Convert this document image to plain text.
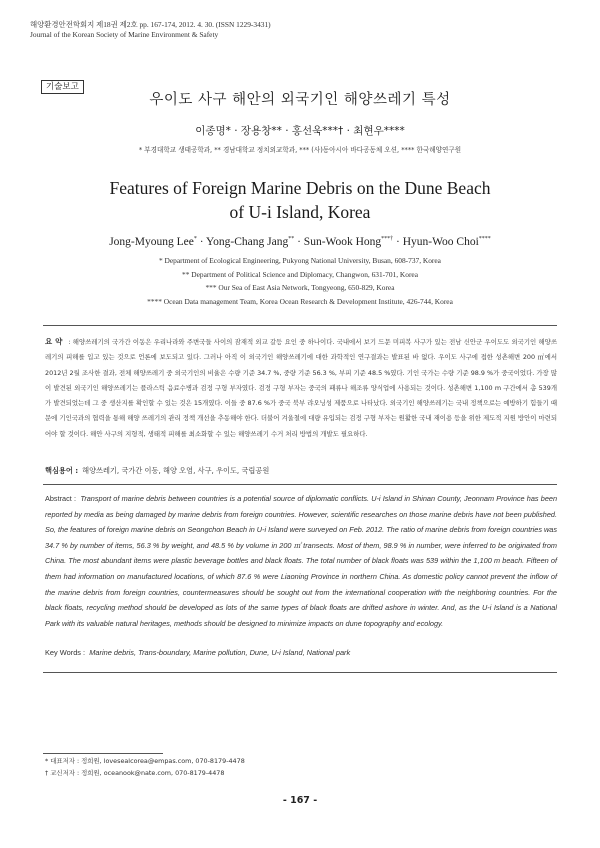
해양환경안전학회지 제18권 제2호 pp. 167-174, 2012. 4. 30. (ISSN 1229-3431)
Journal of the Korean Society of Marine Environment & Safety
기술보고
우이도 사구 해안의 외국기인 해양쓰레기 특성
이종명* · 장용창** · 홍선욱***† · 최현우****
* 부경대학교 생태공학과, ** 경남대학교 정치외교학과, *** (사)동아시아 바다공동체 오션, **** 한국해양연구원
Features of Foreign Marine Debris on the Dune Beach
of U-i Island, Korea
Jong-Myoung Lee* · Yong-Chang Jang** · Sun-Wook Hong***† · Hyun-Woo Choi****
* Department of Ecological Engineering, Pukyong National University, Busan, 608-737, Korea
** Department of Political Science and Diplomacy, Changwon, 631-701, Korea
*** Our Sea of East Asia Network, Tongyeong, 650-829, Korea
**** Ocean Data management Team, Korea Ocean Research & Development Institute, 426-744, Korea
요 약 : 해양쓰레기의 국가간 이동은 우리나라와 주변국들 사이의 잠재적 외교 갈등 요인 중 하나이다. 국내에서 보기 드문 미피복 사구가 있는 전남 신안군 우이도도 외국기인 해양쓰레기의 피해를 입고 있는 것으로 언론에 보도되고 있다. 그러나 아직 이 외국기인 해양쓰레기에 대한 과학적인 연구결과는 발표된 바 없다. 우이도 사구에 접한 성촌해변 200 ㎡에서 2012년 2월 조사한 결과, 전체 해양쓰레기 중 외국기인의 비율은 수량 기준 34.7 %, 중량 기준 56.3 %, 부피 기준 48.5 %였다. 기인 국가는 수량 기준 98.9 %가 중국이었다. 가장 많이 발견된 외국기인 해양쓰레기는 플라스틱 음료수병과 검정 구형 부자였다. 검정 구형 부자는 중국의 패류나 해조류 양식업에 사용되는 것이다. 성촌해변 1,100 m 구간에서 총 539개가 발견되었는데 그 중 생산지를 확인할 수 있는 것은 15개였다. 이들 중 87.6 %가 중국 북부 랴오닝성 제품으로 나타났다. 외국기인 해양쓰레기는 국내 정책으로는 예방하기 힘들기 때문에 기인국과의 협력을 통해 해양 쓰레기의 관리 정책 개선을 추동해야 한다. 더불어 겨울철에 대량 유입되는 검정 구형 부자는 원활한 국내 재이용 등을 위한 제도적 지원 방안이 마련되어야 할 것이다. 해안 사구의 지형적, 생태적 피해를 최소화할 수 있는 해양쓰레기 수거 처리 방법의 개발도 필요하다.
핵심용어 : 해양쓰레기, 국가간 이동, 해양 오염, 사구, 우이도, 국립공원
Abstract : Transport of marine debris between countries is a potential source of diplomatic conflicts. U-i Island in Shinan County, Jeonnam Province has been reported by media as being damaged by marine debris from foreign countries. However, scientific researches on those marine debris have not been published. So, the features of foreign marine debris on Seongchon Beach in U-i Island were surveyed on Feb. 2012. The ratio of marine debris from foreign countries was 34.7 % by number of items, 56.3 % by weight, and 48.5 % by volume in 200 ㎡ transects. Most of them, 98.9 % in number, were inferred to be originated from China. The most abundant items were plastic beverage bottles and black floats. The total number of black floats was 539 within the 1,100 m beach. Fifteen of them had information on manufactured locations, of which 87.6 % were Liaoning Province in northern China. As domestic policy cannot prevent the inflow of the marine debris from foreign countries, countermeasures should be sought out from the international cooperation with the neighboring countries. For the black floats, recycling method should be developed as lots of the same types of black floats are drifted ashore in winter. And, as the U-i Island is a National Park with its valuable natural heritages, methods should be designed to minimize impacts on dune topography and ecology.
Key Words : Marine debris, Trans-boundary, Marine pollution, Dune, U-i Island, National park
* 대표저자 : 정희원, lovesealcorea@empas.com, 070-8179-4478
† 교신저자 : 정희원, oceanook@nate.com, 070-8179-4478
- 167 -
